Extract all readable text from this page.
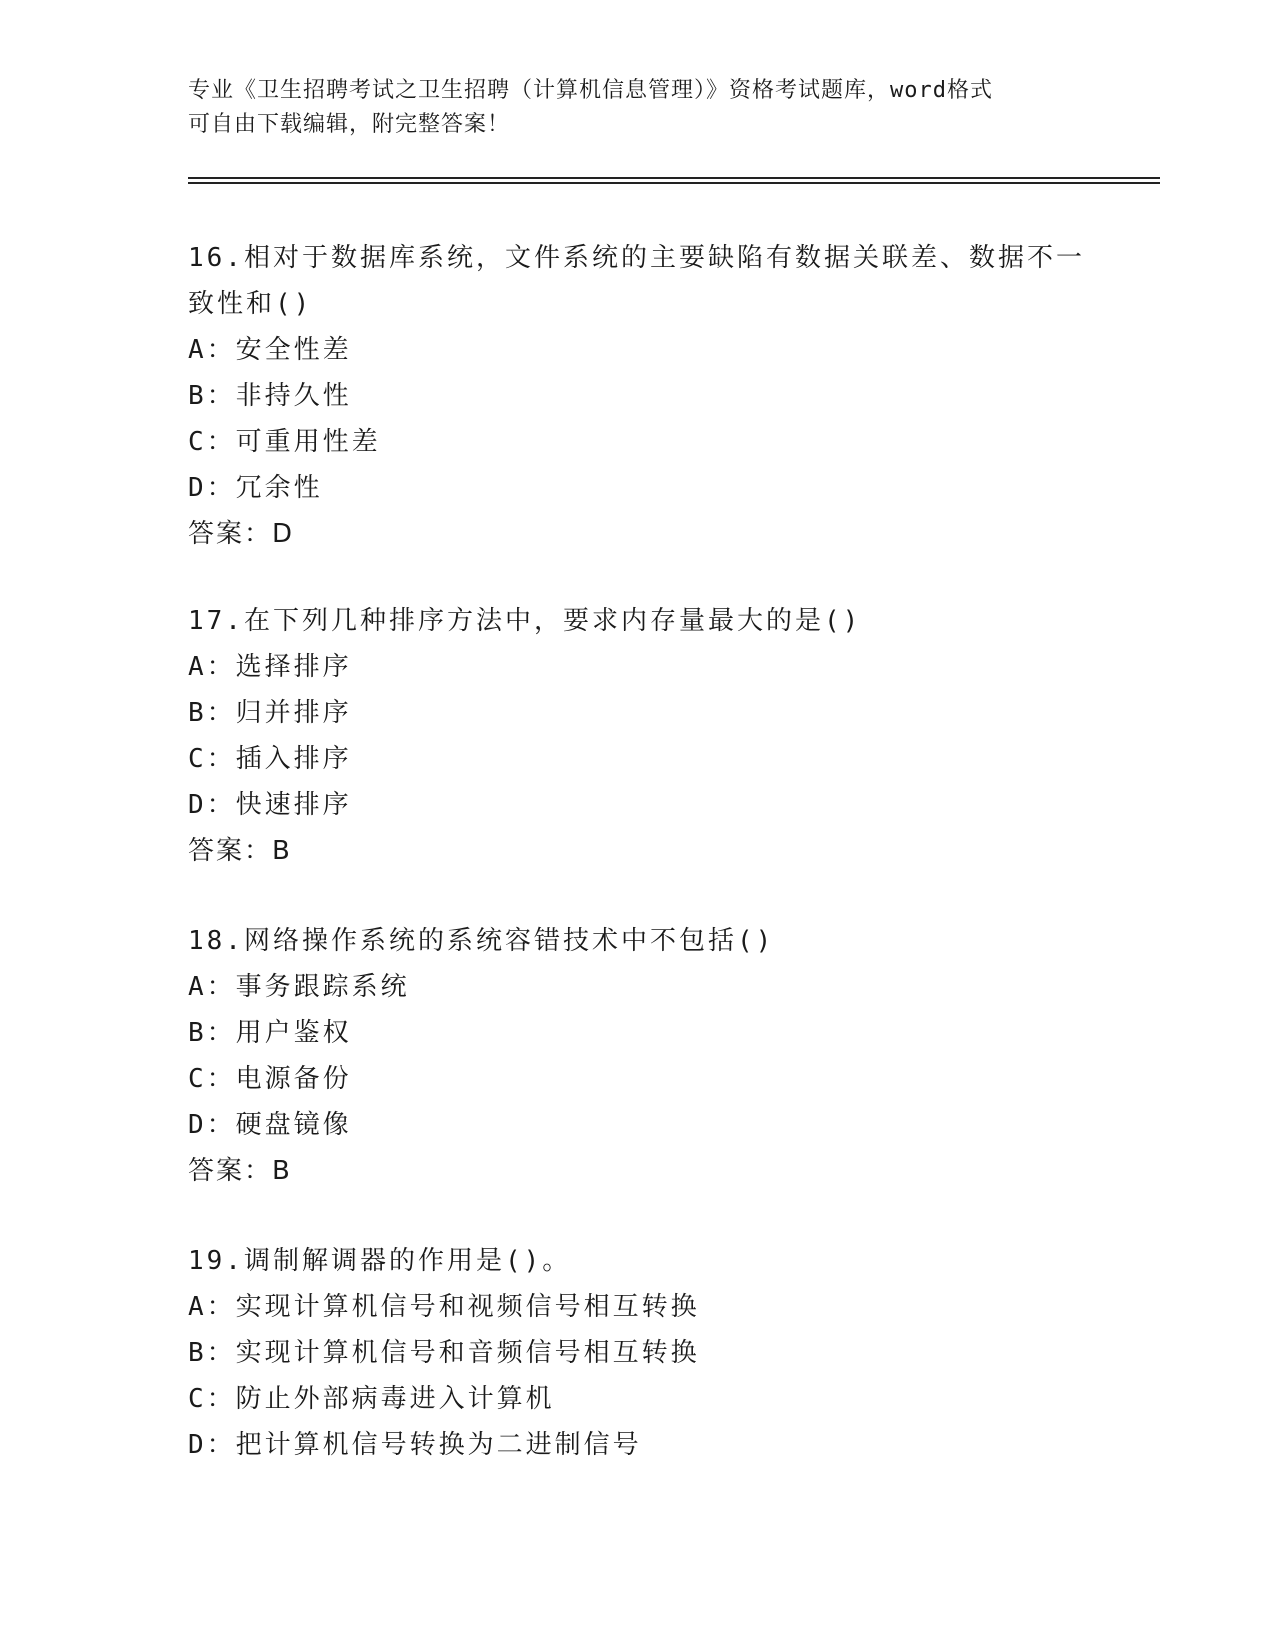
专业《卫生招聘考试之卫生招聘（计算机信息管理）》资格考试题库，word格式
可自由下载编辑，附完整答案！
16.相对于数据库系统，文件系统的主要缺陷有数据关联差、数据不一致性和()
A：安全性差
B：非持久性
C：可重用性差
D：冗余性
答案：D
17.在下列几种排序方法中，要求内存量最大的是()
A：选择排序
B：归并排序
C：插入排序
D：快速排序
答案：B
18.网络操作系统的系统容错技术中不包括()
A：事务跟踪系统
B：用户鉴权
C：电源备份
D：硬盘镜像
答案：B
19.调制解调器的作用是()。
A：实现计算机信号和视频信号相互转换
B：实现计算机信号和音频信号相互转换
C：防止外部病毒进入计算机
D：把计算机信号转换为二进制信号
